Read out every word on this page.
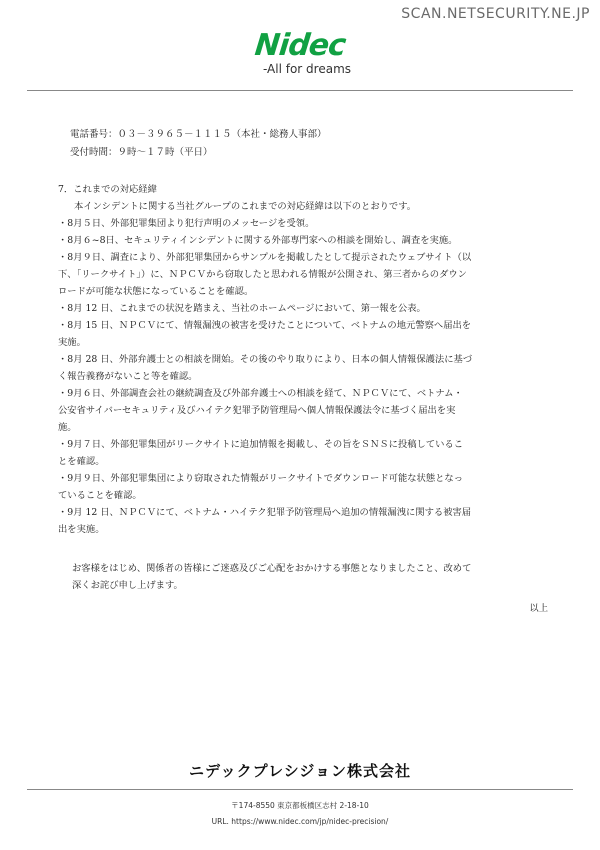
SCAN.NETSECURITY.NE.JP
Nidec
-All for dreams
電話番号：０３－３９６５－１１１５（本社・総務人事部）
受付時間：９時～１７時（平日）

7．これまでの対応経緯

本インシデントに関する当社グループのこれまでの対応経緯は以下のとおりです。

・8月５日、外部犯罪集団より犯行声明のメッセージを受領。
・8月６~8日、セキュリティインシデントに関する外部専門家への相談を開始し、調査を実施。
・8月９日、調査により、外部犯罪集団からサンプルを掲載したとして提示されたウェブサイト（以
下、「リークサイト」）に、ＮＰＣＶから窃取したと思われる情報が公開され、第三者からのダウン
ロードが可能な状態になっていることを確認。
・8月 12 日、これまでの状況を踏まえ、当社のホームページにおいて、第一報を公表。
・8月 15 日、ＮＰＣＶにて、情報漏洩の被害を受けたことについて、ベトナムの地元警察へ届出を
実施。
・8月 28 日、外部弁護士との相談を開始。その後のやり取りにより、日本の個人情報保護法に基づ
く報告義務がないこと等を確認。
・9月６日、外部調査会社の継続調査及び外部弁護士への相談を経て、ＮＰＣＶにて、ベトナム・
公安省サイバーセキュリティ及びハイテク犯罪予防管理局へ個人情報保護法令に基づく届出を実
施。
・9月７日、外部犯罪集団がリークサイトに追加情報を掲載し、その旨をＳＮＳに投稿しているこ
とを確認。
・9月９日、外部犯罪集団により窃取された情報がリークサイトでダウンロード可能な状態となっ
ていることを確認。
・9月 12 日、ＮＰＣＶにて、ベトナム・ハイテク犯罪予防管理局へ追加の情報漏洩に関する被害届
出を実施。

お客様をはじめ、関係者の皆様にご迷惑及びご心配をおかけする事態となりましたこと、改めて
深くお詫び申し上げます。

以上

ニデックプレシジョン株式会社
〒174-8550 東京都板橋区志村 2-18-10
URL. https://www.nidec.com/jp/nidec-precision/
